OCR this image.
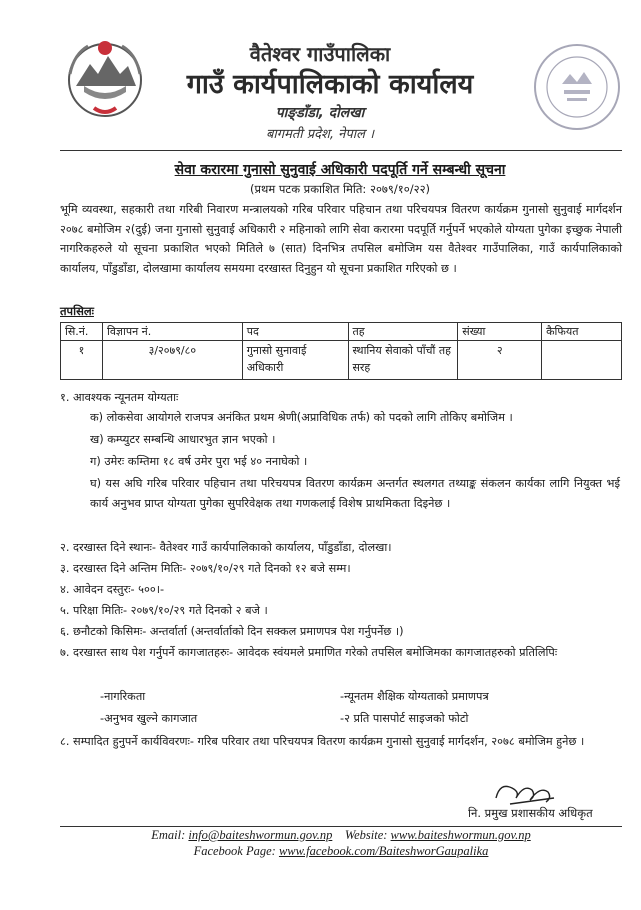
वैतेश्वर गाउँपालिका
गाउँ कार्यपालिकाको कार्यालय
पाङ्डाँडा, दोलखा
बागमती प्रदेश, नेपाल ।
सेवा करारमा गुनासो सुनुवाई अधिकारी पदपूर्ति गर्ने सम्बन्धी सूचना
(प्रथम पटक प्रकाशित मिति: २०७९/१०/२२)
भूमि व्यवस्था, सहकारी तथा गरिबी निवारण मन्त्रालयको गरिब परिवार पहिचान तथा परिचयपत्र वितरण कार्यक्रम गुनासो सुनुवाई मार्गदर्शन २०७८ बमोजिम २(दुई) जना गुनासो सुनुवाई अधिकारी २ महिनाको लागि सेवा करारमा पदपूर्ति गर्नुपर्ने भएकोले योग्यता पुगेका इच्छुक नेपाली नागरिकहरुले यो सूचना प्रकाशित भएको मितिले ७ (सात) दिनभित्र तपसिल बमोजिम यस वैतेश्वर गाउँपालिका, गाउँ कार्यपालिकाको कार्यालय, पाँडुडाँडा, दोलखामा कार्यालय समयमा दरखास्त दिनुहुन यो सूचना प्रकाशित गरिएको छ ।
तपसिलः
सि.नं.	विज्ञापन नं.	पद	तह	संख्या	कैफियत
१	३/२०७९/८०	गुनासो सुनावाई अधिकारी	स्थानिय सेवाको पाँचौं तह सरह	२	
१. आवश्यक न्यूनतम योग्यताः
क) लोकसेवा आयोगले राजपत्र अनंकित प्रथम श्रेणी(अप्राविधिक तर्फ) को पदको लागि तोकिए बमोजिम ।
ख) कम्प्युटर सम्बन्धि आधारभुत ज्ञान भएको ।
ग) उमेरः कम्तिमा १८ वर्ष उमेर पुरा भई ४० ननाघेको ।
घ) यस अघि गरिब परिवार पहिचान तथा परिचयपत्र वितरण कार्यक्रम अन्तर्गत स्थलगत तथ्याङ्क संकलन कार्यका लागि नियुक्त भई कार्य अनुभव प्राप्त योग्यता पुगेका सुपरिवेक्षक तथा गणकलाई विशेष प्राथमिकता दिइनेछ ।
२. दरखास्त दिने स्थानः- वैतेश्वर गाउँ कार्यपालिकाको कार्यालय, पाँडुडाँडा, दोलखा।
३. दरखास्त दिने अन्तिम मितिः- २०७९/१०/२९ गते दिनको १२ बजे सम्म।
४. आवेदन दस्तुरः- ५००।-
५. परिक्षा मितिः- २०७९/१०/२९ गते दिनको २ बजे ।
६. छनौटको किसिमः- अन्तर्वार्ता (अन्तर्वार्ताको दिन सक्कल प्रमाणपत्र पेश गर्नुपर्नेछ ।)
७. दरखास्त साथ पेश गर्नुपर्ने कागजातहरुः- आवेदक स्वंयमले प्रमाणित गरेको तपसिल बमोजिमका कागजातहरुको प्रतिलिपिः
-नागरिकता	-न्यूनतम शैक्षिक योग्यताको प्रमाणपत्र
-अनुभव खुल्ने कागजात	-२ प्रति पासपोर्ट साइजको फोटो
८. सम्पादित हुनुपर्ने कार्यविवरणः- गरिब परिवार तथा परिचयपत्र वितरण कार्यक्रम गुनासो सुनुवाई मार्गदर्शन, २०७८ बमोजिम हुनेछ ।
नि. प्रमुख प्रशासकीय अधिकृत
Email: info@baiteshwormun.gov.np Website: www.baiteshwormun.gov.np
Facebook Page: www.facebook.com/BaiteshworGaupalika
